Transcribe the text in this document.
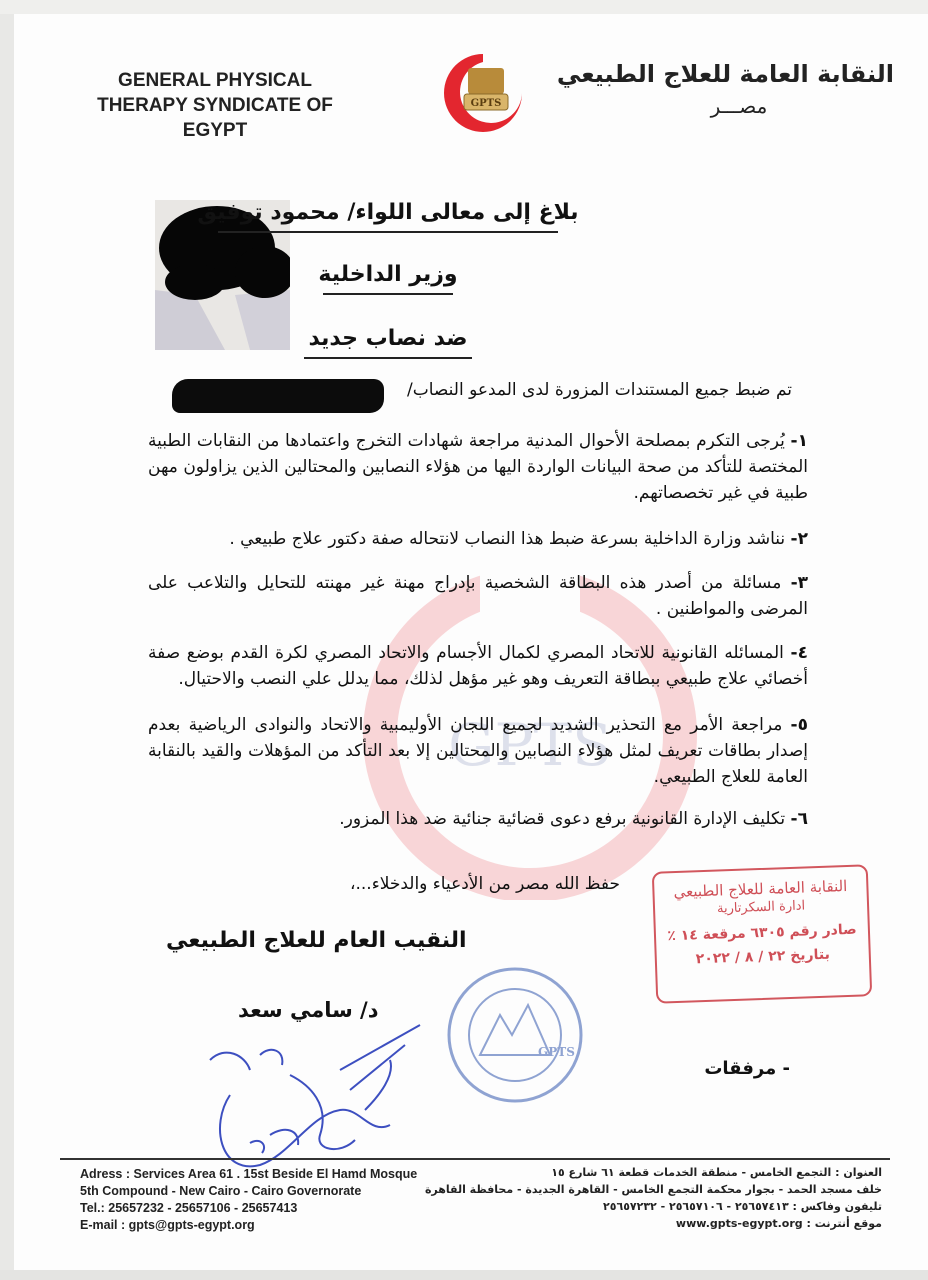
GPTS
GENERAL PHYSICAL
THERAPY SYNDICATE OF
EGYPT
GPTS
النقابة العامة للعلاج الطبيعي
مصـــر
بلاغ إلى معالى اللواء/ محمود توفيق
وزير الداخلية
ضد نصاب جديد
تم ضبط جميع المستندات المزورة لدى المدعو النصاب/
١- يُرجى التكرم بمصلحة الأحوال المدنية مراجعة شهادات التخرج واعتمادها من النقابات الطبية المختصة للتأكد من صحة البيانات الواردة اليها من هؤلاء النصابين والمحتالين الذين يزاولون مهن طبية في غير تخصصاتهم.
٢- نناشد وزارة الداخلية بسرعة ضبط هذا النصاب لانتحاله صفة دكتور علاج طبيعي .
٣- مسائلة من أصدر هذه البطاقة الشخصية بإدراج مهنة غير مهنته للتحايل والتلاعب على المرضى والمواطنين .
٤- المسائله القانونية للاتحاد المصري لكمال الأجسام والاتحاد المصري لكرة القدم بوضع صفة أخصائي علاج طبيعي ببطاقة التعريف وهو غير مؤهل لذلك، مما يدلل علي النصب والاحتيال.
٥- مراجعة الأمر مع التحذير الشديد لجميع اللجان الأوليمبية والاتحاد والنوادى الرياضية بعدم إصدار بطاقات تعريف لمثل هؤلاء النصابين والمحتالين إلا بعد التأكد من المؤهلات والقيد بالنقابة العامة للعلاج الطبيعي.
٦- تكليف الإدارة القانونية برفع دعوى قضائية جنائية ضد هذا المزور.
حفظ الله مصر من الأدعياء والدخلاء...،	النقابة العامة للعلاج الطبيعي
ادارة السكرتارية
صادر رقم ٦٣٠٥ مرقعة ١٤ ٪
بتاريخ ٢٢ / ٨ / ٢٠٢٢
النقيب العام للعلاج الطبيعي
GPTS
د/ سامي سعد
- مرفقات
Adress : Services Area 61 . 15st Beside El Hamd Mosque
5th Compound - New Cairo - Cairo Governorate
Tel.: 25657232 - 25657106 - 25657413
E-mail : gpts@gpts-egypt.org
العنوان : التجمع الخامس - منطقة الخدمات قطعة ٦١ شارع ١٥
خلف مسجد الحمد - بجوار محكمة التجمع الخامس - القاهرة الجديدة - محافظة القاهرة
تليفون وفاكس : ٢٥٦٥٧٤١٣ - ٢٥٦٥٧١٠٦ - ٢٥٦٥٧٢٣٢
موقع أنترنت : www.gpts-egypt.org
